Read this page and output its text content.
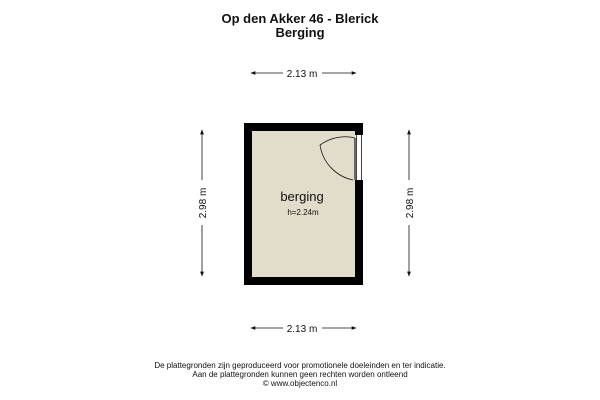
Op den Akker 46 - Blerick
Berging
2.13 m
2.13 m
2.98 m	2.98 m
berging
h=2.24m
De plattegronden zijn geproduceerd voor promotionele doeleinden en ter indicatie.
Aan de plattegronden kunnen geen rechten worden ontleend
© www.objectenco.nl
